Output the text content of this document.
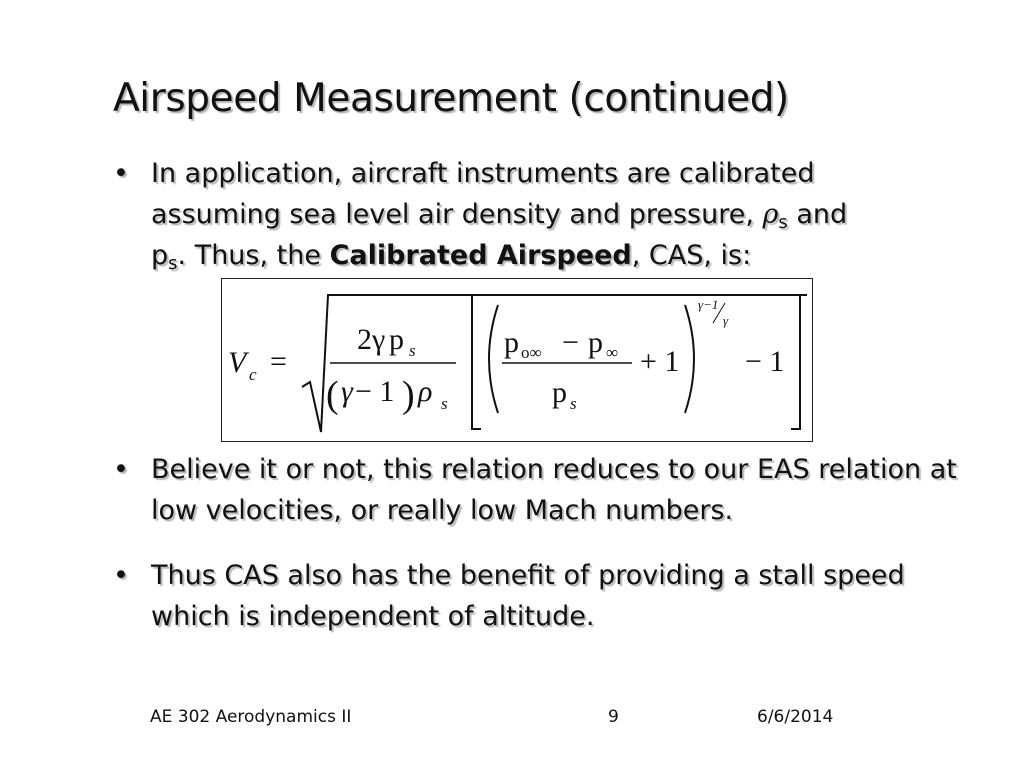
Airspeed Measurement (continued)
• In application, aircraft instruments are calibrated
assuming sea level air density and pressure, $\rho_s$ and
$p_s$. Thus, the Calibrated Airspeed, CAS, is:
V c =
2γ p s
( γ − 1 ) ρ s
p o∞ − p ∞
p s
+ 1
γ−1
γ
− 1
• Believe it or not, this relation reduces to our EAS relation at low velocities, or really low Mach numbers.
• Thus CAS also has the benefit of providing a stall speed which is independent of altitude.
AE 302 Aerodynamics II	9	6/6/2014
